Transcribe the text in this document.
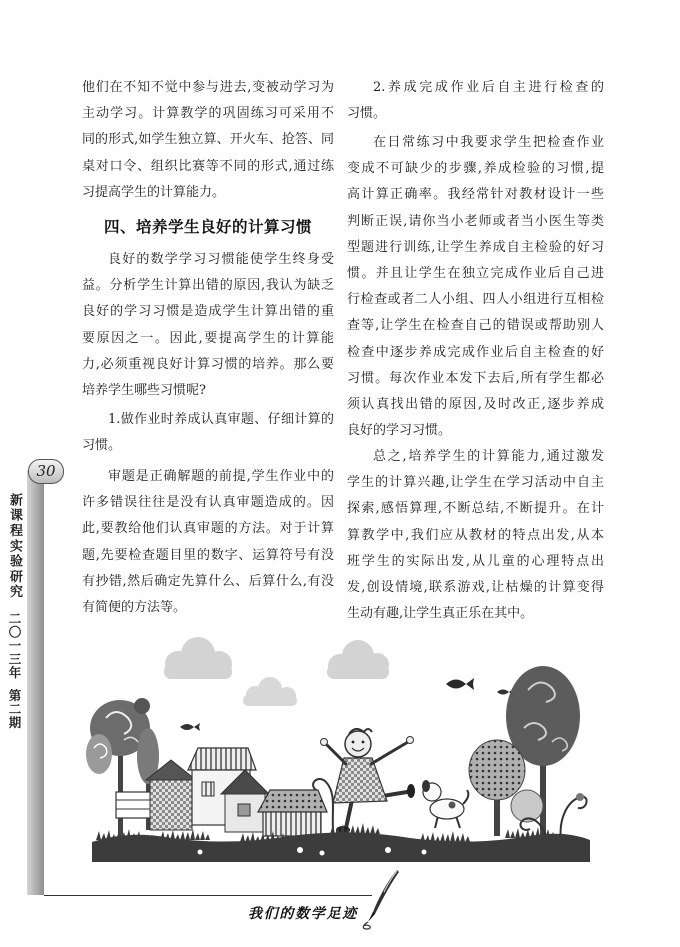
30
新课程实验研究
二〇一三年
第二期
他们在不知不觉中参与进去,变被动学习为
主动学习。计算教学的巩固练习可采用不
同的形式,如学生独立算、开火车、抢答、同
桌对口令、组织比赛等不同的形式,通过练
习提高学生的计算能力。
四、培养学生良好的计算习惯
良好的数学学习习惯能使学生终身受
益。分析学生计算出错的原因,我认为缺乏
良好的学习习惯是造成学生计算出错的重
要原因之一。因此,要提高学生的计算能
力,必须重视良好计算习惯的培养。那么要
培养学生哪些习惯呢?
1.做作业时养成认真审题、仔细计算的
习惯。
审题是正确解题的前提,学生作业中的
许多错误往往是没有认真审题造成的。因
此,要教给他们认真审题的方法。对于计算
题,先要检查题目里的数字、运算符号有没
有抄错,然后确定先算什么、后算什么,有没
有简便的方法等。
2.养成完成作业后自主进行检查的
习惯。
在日常练习中我要求学生把检查作业
变成不可缺少的步骤,养成检验的习惯,提
高计算正确率。我经常针对教材设计一些
判断正误,请你当小老师或者当小医生等类
型题进行训练,让学生养成自主检验的好习
惯。并且让学生在独立完成作业后自己进
行检查或者二人小组、四人小组进行互相检
查等,让学生在检查自己的错误或帮助别人
检查中逐步养成完成作业后自主检查的好
习惯。每次作业本发下去后,所有学生都必
须认真找出错的原因,及时改正,逐步养成
良好的学习习惯。
总之,培养学生的计算能力,通过激发
学生的计算兴趣,让学生在学习活动中自主
探索,感悟算理,不断总结,不断提升。在计
算教学中,我们应从教材的特点出发,从本
班学生的实际出发,从儿童的心理特点出
发,创设情境,联系游戏,让枯燥的计算变得
生动有趣,让学生真正乐在其中。
我们的数学足迹
